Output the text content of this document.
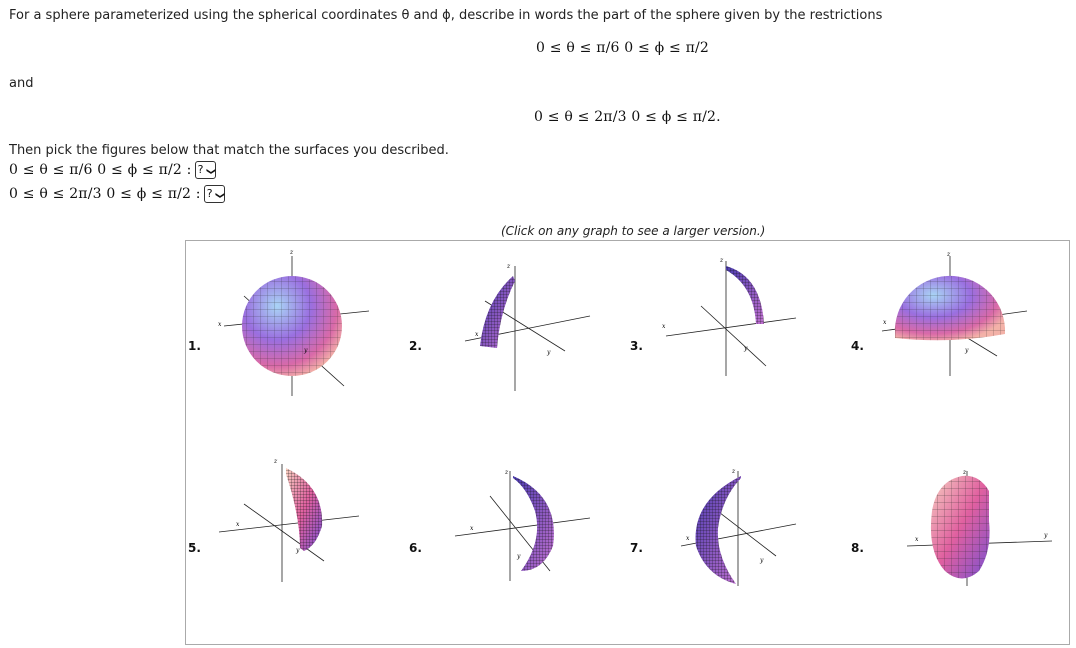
For a sphere parameterized using the spherical coordinates θ and ϕ, describe in words the part of the sphere given by the restrictions
0 ≤ θ ≤ π/6 0 ≤ ϕ ≤ π/2
and
0 ≤ θ ≤ 2π/3 0 ≤ ϕ ≤ π/2.
Then pick the figures below that match the surfaces you described.
0 ≤ θ ≤ π/6 0 ≤ ϕ ≤ π/2 : ?❯
0 ≤ θ ≤ 2π/3 0 ≤ ϕ ≤ π/2 : ?❯
(Click on any graph to see a larger version.)
1.
z
x
y	2.
z
x
y	3.
z
x
y	4.
z
x
y
5.
z
x
y	6.
z
x
y
7.
z
x
y
8.
z
x
y
